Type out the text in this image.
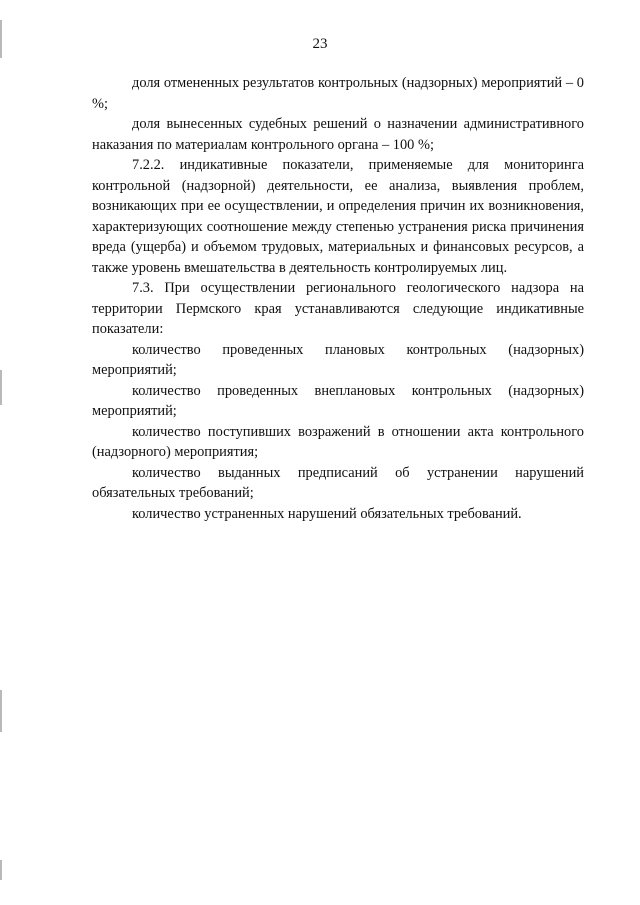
23

доля отмененных результатов контрольных (надзорных) мероприятий – 0 %;

доля вынесенных судебных решений о назначении административного наказания по материалам контрольного органа – 100 %;

7.2.2. индикативные показатели, применяемые для мониторинга контрольной (надзорной) деятельности, ее анализа, выявления проблем, возникающих при ее осуществлении, и определения причин их возникновения, характеризующих соотношение между степенью устранения риска причинения вреда (ущерба) и объемом трудовых, материальных и финансовых ресурсов, а также уровень вмешательства в деятельность контролируемых лиц.

7.3. При осуществлении регионального геологического надзора на территории Пермского края устанавливаются следующие индикативные показатели:

количество проведенных плановых контрольных (надзорных) мероприятий;

количество проведенных внеплановых контрольных (надзорных) мероприятий;

количество поступивших возражений в отношении акта контрольного (надзорного) мероприятия;

количество выданных предписаний об устранении нарушений обязательных требований;

количество устраненных нарушений обязательных требований.
